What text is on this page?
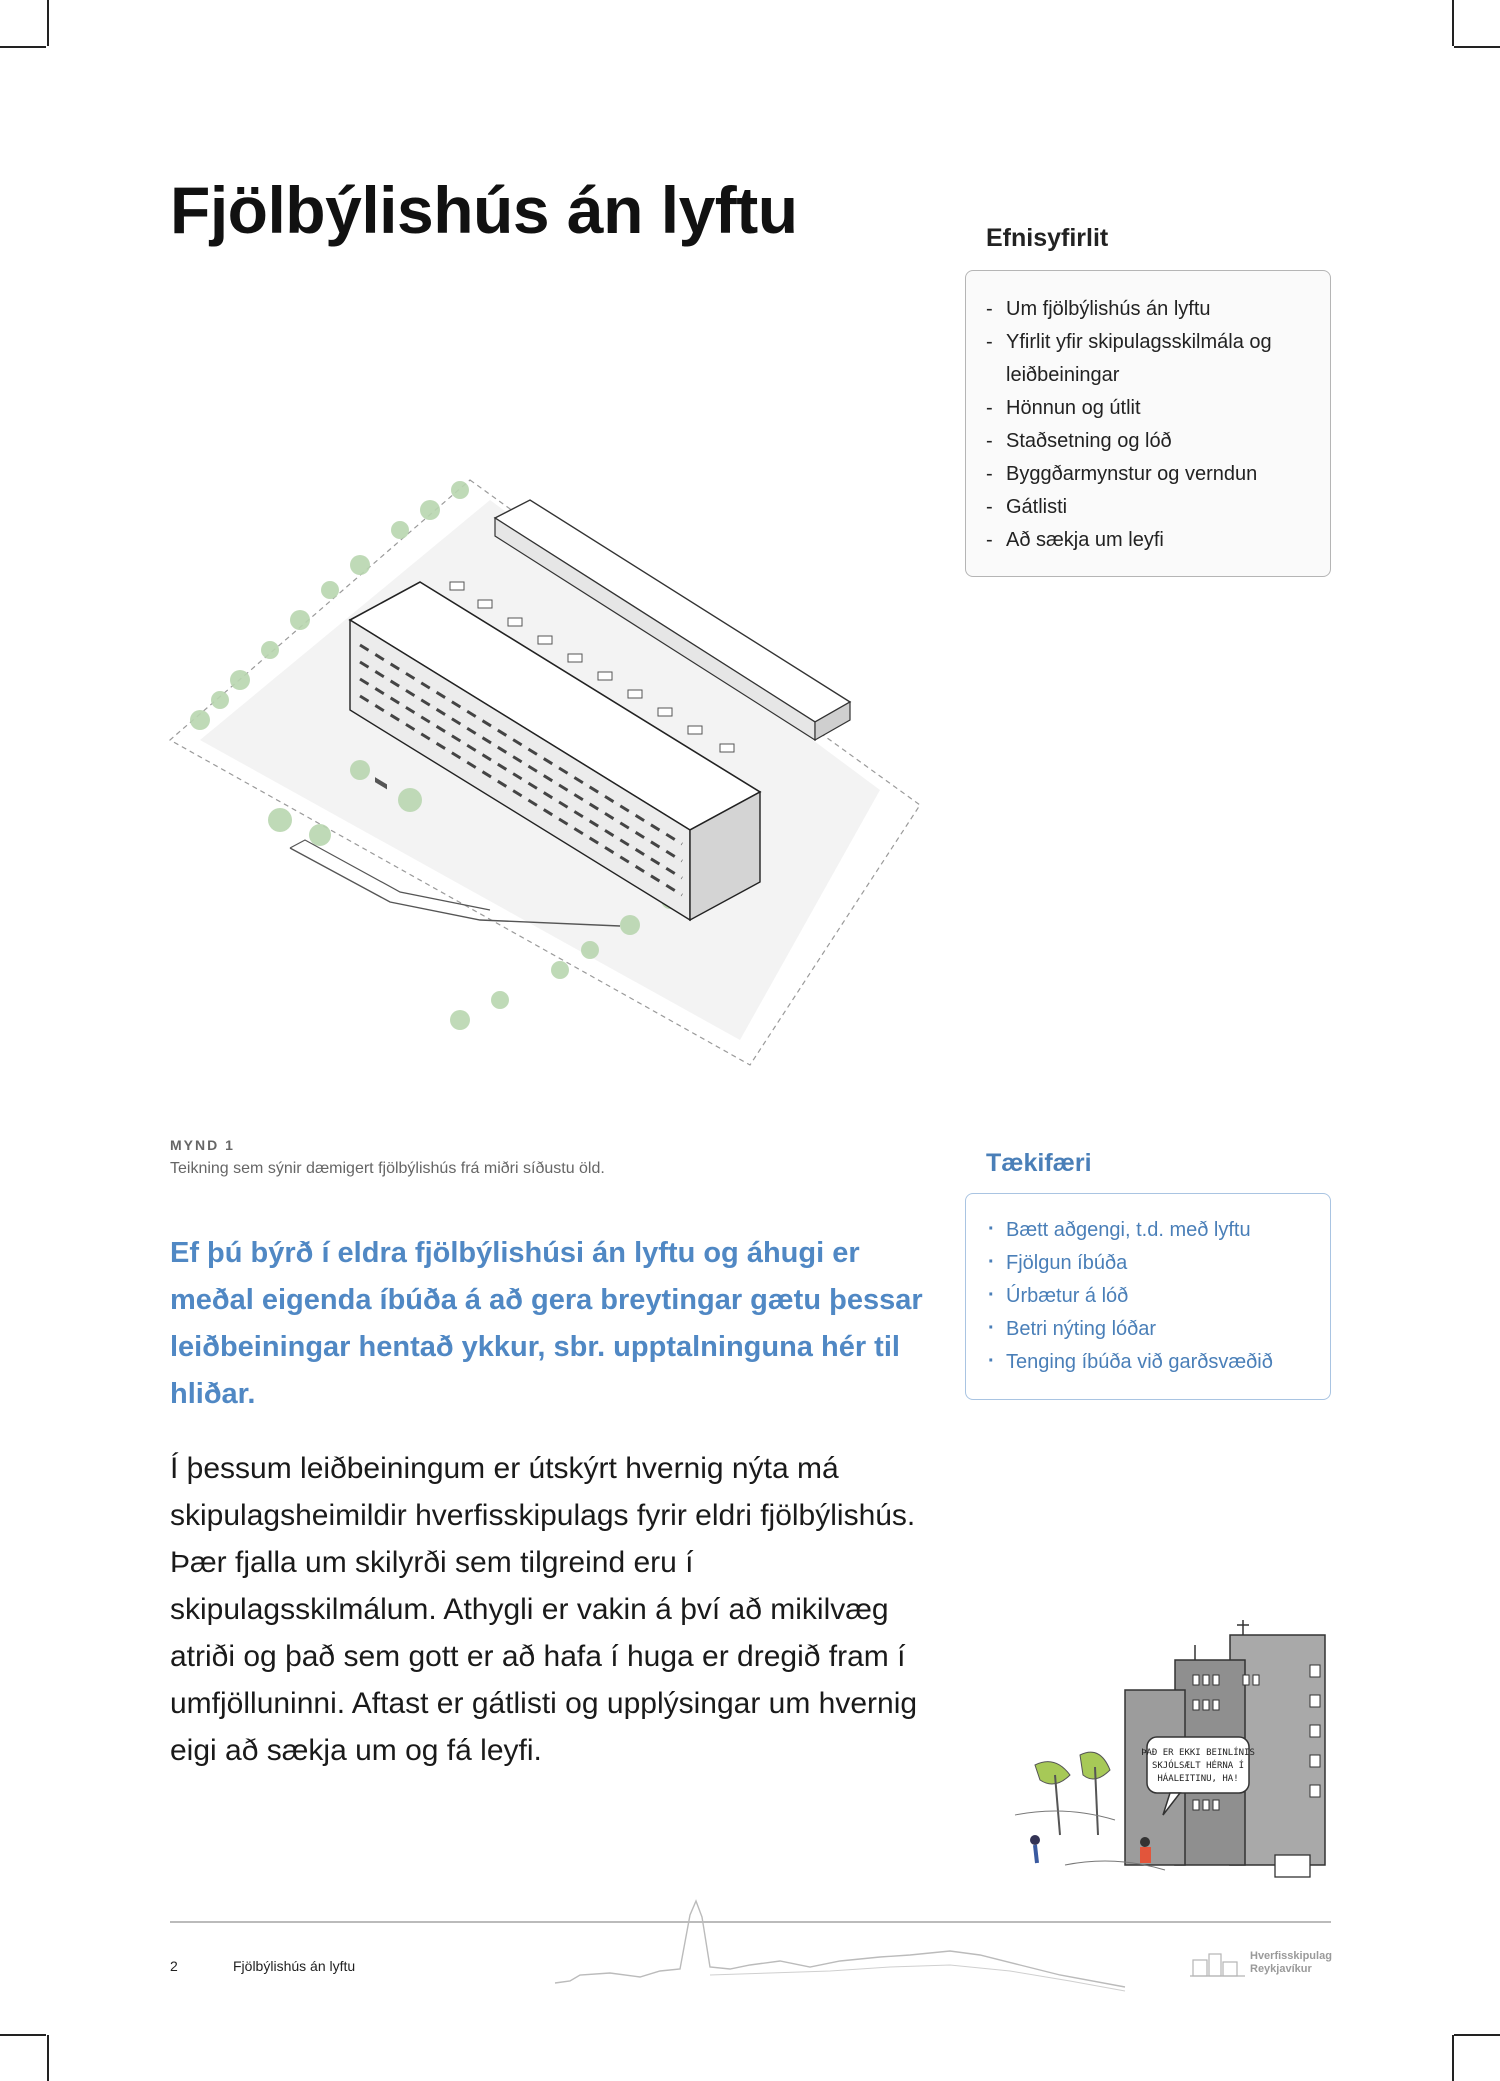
Fjölbýlishús án lyftu	Efnisyfirlit
- Um fjölbýlishús án lyftu
- Yfirlit yfir skipulagsskilmála og leiðbeiningar
- Hönnun og útlit
- Staðsetning og lóð
- Byggðarmynstur og verndun
- Gátlisti
- Að sækja um leyfi
MYND 1
Teikning sem sýnir dæmigert fjölbýlishús frá miðri síðustu öld.	Tækifæri
· Bætt aðgengi, t.d. með lyftu
· Fjölgun íbúða
· Úrbætur á lóð
· Betri nýting lóðar
· Tenging íbúða við garðsvæðið

Ef þú býrð í eldra fjölbýlishúsi án lyftu og áhugi er meðal eigenda íbúða á að gera breytingar gætu þessar leiðbeiningar hentað ykkur, sbr. upptalninguna hér til hliðar.

Í þessum leiðbeiningum er útskýrt hvernig nýta má skipulagsheimildir hverfisskipulags fyrir eldri fjölbýlishús. Þær fjalla um skilyrði sem tilgreind eru í skipulagsskilmálum. Athygli er vakin á því að mikilvæg atriði og það sem gott er að hafa í huga er dregið fram í umfjölluninni. Aftast er gátlisti og upplýsingar um hvernig eigi að sækja um og fá leyfi.	ÞAÐ ER EKKI BEINLÍNIS
SKJÓLSÆLT HÉRNA Í
HÁALEITINU, HA!
2	Fjölbýlishús án lyftu
Hverfisskipulag
Reykjavíkur
